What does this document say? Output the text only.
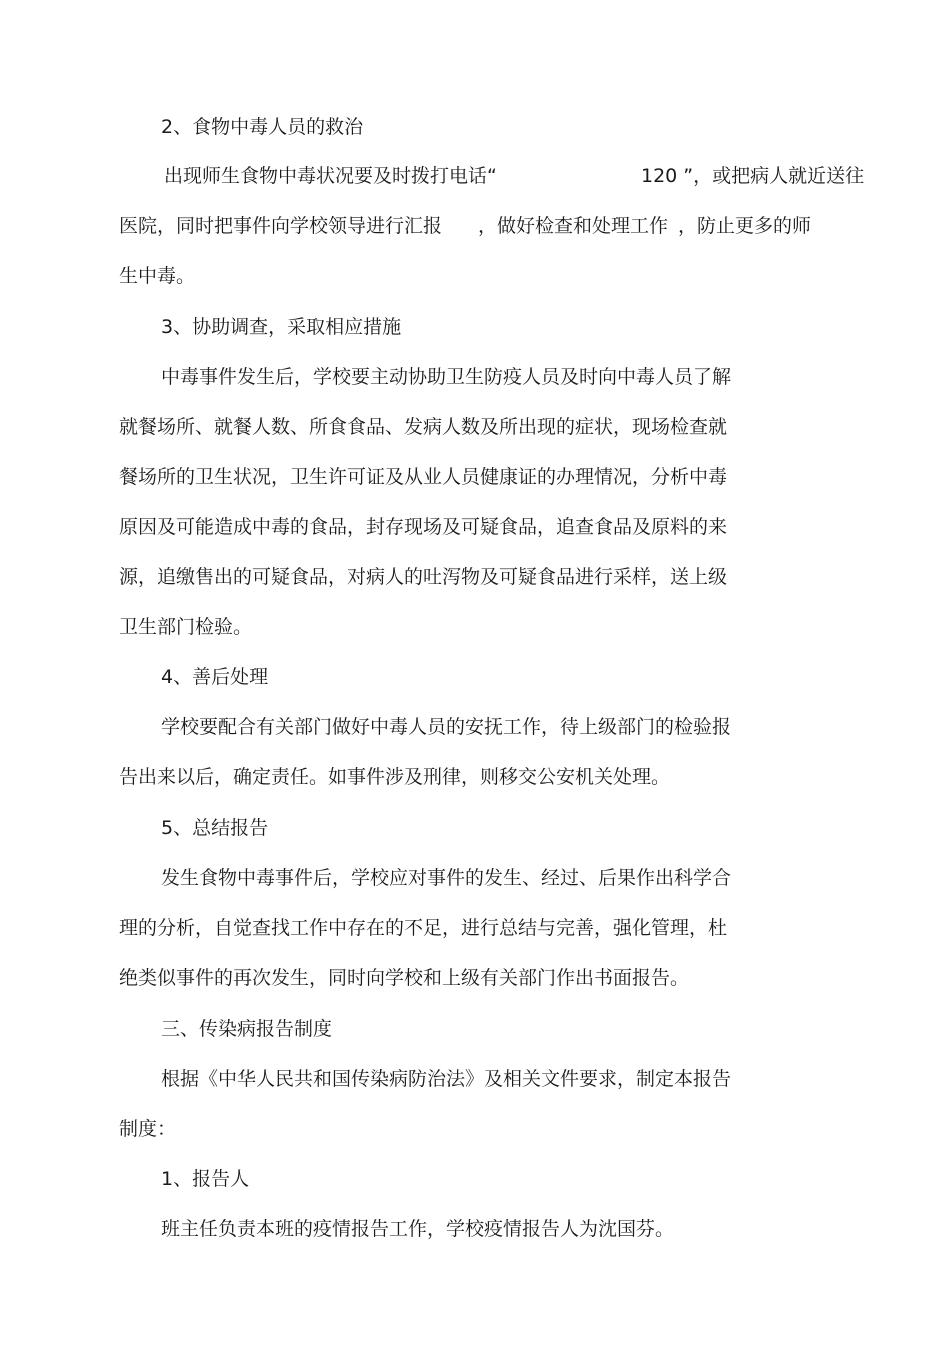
2、食物中毒人员的救治

出现师生食物中毒状况要及时拨打电话“	120 ”，或把病人就近送往

医院，同时把事件向学校领导进行汇报 ，做好检查和处理工作 ，防止更多的师

生中毒。

3、协助调查，采取相应措施

中毒事件发生后，学校要主动协助卫生防疫人员及时向中毒人员了解

就餐场所、就餐人数、所食食品、发病人数及所出现的症状，现场检查就

餐场所的卫生状况，卫生许可证及从业人员健康证的办理情况，分析中毒

原因及可能造成中毒的食品，封存现场及可疑食品，追查食品及原料的来

源，追缴售出的可疑食品，对病人的吐泻物及可疑食品进行采样，送上级

卫生部门检验。

4、善后处理

学校要配合有关部门做好中毒人员的安抚工作，待上级部门的检验报

告出来以后，确定责任。如事件涉及刑律，则移交公安机关处理。

5、总结报告

发生食物中毒事件后，学校应对事件的发生、经过、后果作出科学合

理的分析，自觉查找工作中存在的不足，进行总结与完善，强化管理，杜

绝类似事件的再次发生，同时向学校和上级有关部门作出书面报告。

三、传染病报告制度

根据《中华人民共和国传染病防治法》及相关文件要求，制定本报告

制度：

1、报告人

班主任负责本班的疫情报告工作，学校疫情报告人为沈国芬。
